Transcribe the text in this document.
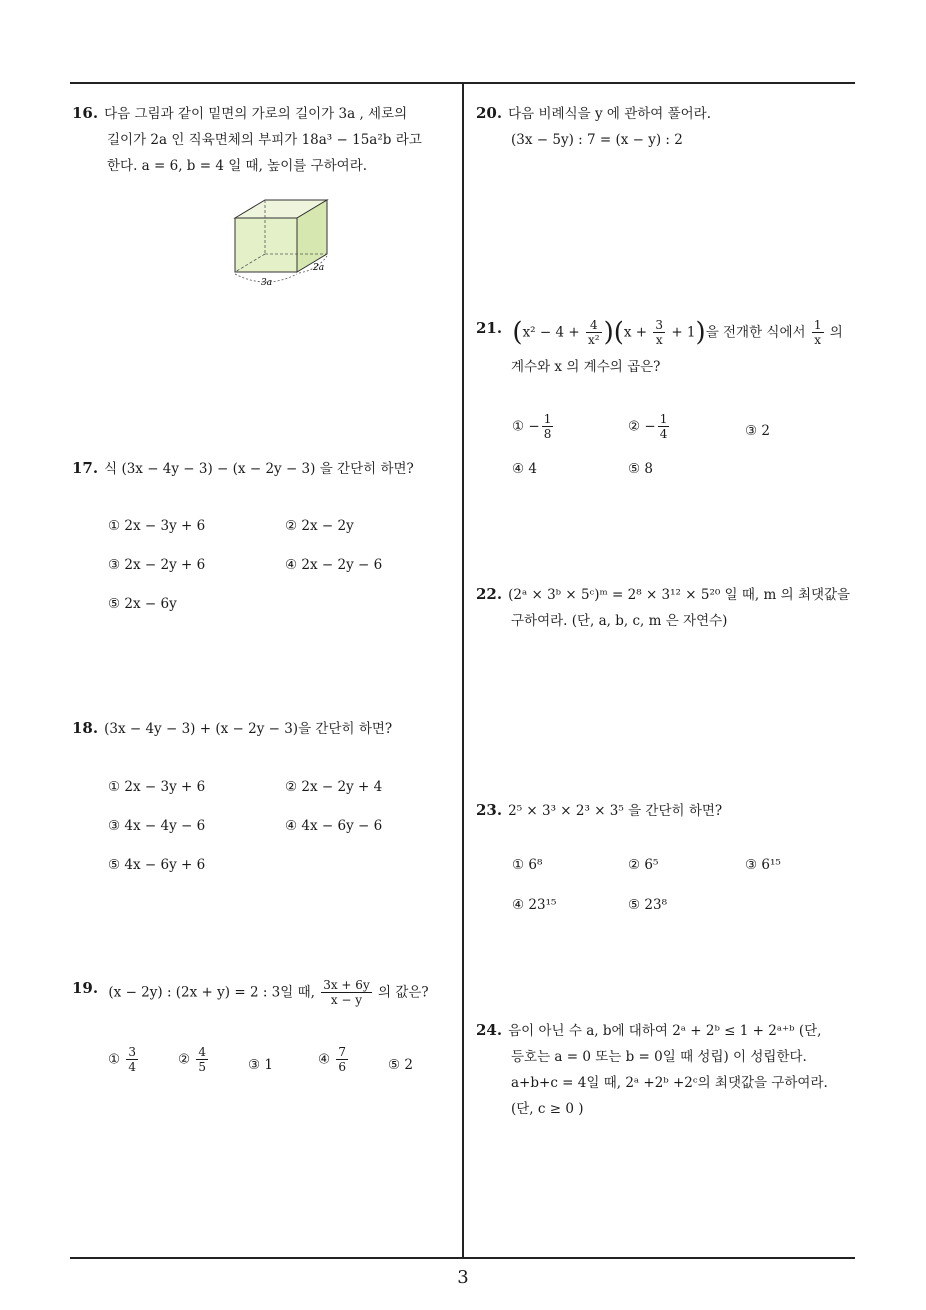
16. 다음 그림과 같이 밑면의 가로의 길이가 3a , 세로의
길이가 2a 인 직육면체의 부피가 18a³ − 15a²b 라고
한다. a = 6, b = 4 일 때, 높이를 구하여라.
3a
2a
17. 식 (3x − 4y − 3) − (x − 2y − 3) 을 간단히 하면?
① 2x − 3y + 6	② 2x − 2y
③ 2x − 2y + 6	④ 2x − 2y − 6
⑤ 2x − 6y
18. (3x − 4y − 3) + (x − 2y − 3)을 간단히 하면?
① 2x − 3y + 6	② 2x − 2y + 4
③ 4x − 4y − 6	④ 4x − 6y − 6
⑤ 4x − 6y + 6
19. (x − 2y) : (2x + y) = 2 : 3일 때, $\frac{3x + 6y}{x - y}$ 의 값은?
① $\frac{3}{4}$	② $\frac{4}{5}$	③ 1	④ $\frac{7}{6}$	⑤ 2
20. 다음 비례식을 y 에 관하여 풀어라.
(3x − 5y) : 7 = (x − y) : 2
21. $(x^2 - 4 + \frac{4}{\text{x²}} )(x + \frac{3}{x} + 1)$을 전개한 식에서 $\frac{1}{x}$ 의
계수와 x 의 계수의 곱은?
① − $\frac{1}{8}$	② − $\frac{1}{4}$	③ 2
④ 4	⑤ 8
22. (2ᵃ × 3ᵇ × 5ᶜ)ᵐ = 2⁸ × 3¹² × 5²⁰ 일 때, m 의 최댓값을
구하여라. (단, a, b, c, m 은 자연수)
23. 2⁵ × 3³ × 2³ × 3⁵ 을 간단히 하면?
① 6⁸	② 6⁵	③ 6¹⁵
④ 23¹⁵	⑤ 23⁸
24. 음이 아닌 수 a, b에 대하여 2ᵃ + 2ᵇ ≤ 1 + 2ᵃ⁺ᵇ (단,
등호는 a = 0 또는 b = 0일 때 성립) 이 성립한다.
a+b+c = 4일 때, 2ᵃ +2ᵇ +2ᶜ의 최댓값을 구하여라.
(단, c ≥ 0 )
3
